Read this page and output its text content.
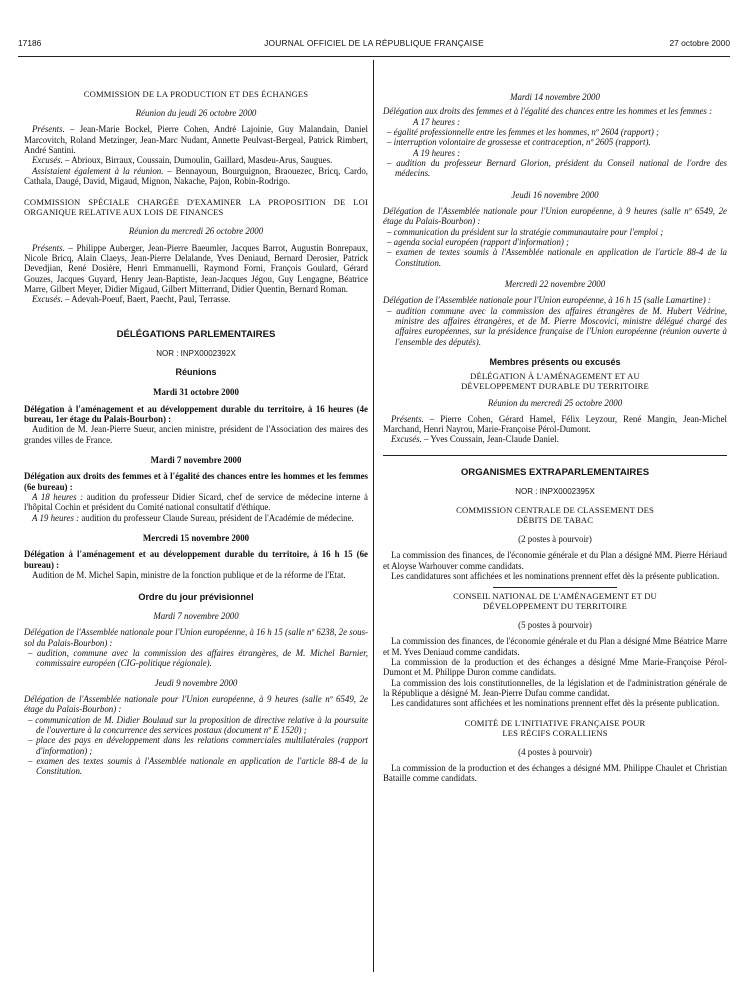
17186	JOURNAL OFFICIEL DE LA RÉPUBLIQUE FRANÇAISE	27 octobre 2000

COMMISSION DE LA PRODUCTION ET DES ÉCHANGES

Réunion du jeudi 26 octobre 2000

Présents. – Jean-Marie Bockel, Pierre Cohen, André Lajoinie, Guy Malandain, Daniel Marcovitch, Roland Metzinger, Jean-Marc Nudant, Annette Peulvast-Bergeal, Patrick Rimbert, André Santini.

Excusés. – Abrioux, Birraux, Coussain, Dumoulin, Gaillard, Masdeu-Arus, Saugues.

Assistaient également à la réunion. – Bennayoun, Bourguignon, Braouezec, Bricq, Cardo, Cathala, Daugé, David, Migaud, Mignon, Nakache, Pajon, Robin-Rodrigo.

COMMISSION SPÉCIALE CHARGÉE D'EXAMINER LA PROPOSITION DE LOI ORGANIQUE RELATIVE AUX LOIS DE FINANCES

Réunion du mercredi 26 octobre 2000

Présents. – Philippe Auberger, Jean-Pierre Baeumler, Jacques Barrot, Augustin Bonrepaux, Nicole Bricq, Alain Claeys, Jean-Pierre Delalande, Yves Deniaud, Bernard Derosier, Patrick Devedjian, René Dosière, Henri Emmanuelli, Raymond Forni, François Goulard, Gérard Gouzes, Jacques Guyard, Henry Jean-Baptiste, Jean-Jacques Jégou, Guy Lengagne, Béatrice Marre, Gilbert Meyer, Didier Migaud, Gilbert Mitterrand, Didier Quentin, Bernard Roman.

Excusés. – Adevah-Poeuf, Baert, Paecht, Paul, Terrasse.

DÉLÉGATIONS PARLEMENTAIRES

NOR : INPX0002392X

Réunions

Mardi 31 octobre 2000

Délégation à l'aménagement et au développement durable du territoire, à 16 heures (4e bureau, 1er étage du Palais-Bourbon) :

Audition de M. Jean-Pierre Sueur, ancien ministre, président de l'Association des maires des grandes villes de France.

Mardi 7 novembre 2000

Délégation aux droits des femmes et à l'égalité des chances entre les hommes et les femmes (6e bureau) :

A 18 heures : audition du professeur Didier Sicard, chef de service de médecine interne à l'hôpital Cochin et président du Comité national consultatif d'éthique.

A 19 heures : audition du professeur Claude Sureau, président de l'Académie de médecine.

Mercredi 15 novembre 2000

Délégation à l'aménagement et au développement durable du territoire, à 16 h 15 (6e bureau) :

Audition de M. Michel Sapin, ministre de la fonction publique et de la réforme de l'Etat.

Ordre du jour prévisionnel

Mardi 7 novembre 2000

Délégation de l'Assemblée nationale pour l'Union européenne, à 16 h 15 (salle nº 6238, 2e sous-sol du Palais-Bourbon) :

– audition, commune avec la commission des affaires étrangères, de M. Michel Barnier, commissaire européen (CIG-politique régionale).

Jeudi 9 novembre 2000

Délégation de l'Assemblée nationale pour l'Union européenne, à 9 heures (salle nº 6549, 2e étage du Palais-Bourbon) :

– communication de M. Didier Boulaud sur la proposition de directive relative à la poursuite de l'ouverture à la concurrence des services postaux (document nº E 1520) ;

– place des pays en développement dans les relations commerciales multilatérales (rapport d'information) ;

– examen des textes soumis à l'Assemblée nationale en application de l'article 88-4 de la Constitution.

Mardi 14 novembre 2000

Délégation aux droits des femmes et à l'égalité des chances entre les hommes et les femmes :

A 17 heures :

– égalité professionnelle entre les femmes et les hommes, nº 2604 (rapport) ;

– interruption volontaire de grossesse et contraception, nº 2605 (rapport).

A 19 heures :

– audition du professeur Bernard Glorion, président du Conseil national de l'ordre des médecins.

Jeudi 16 novembre 2000

Délégation de l'Assemblée nationale pour l'Union européenne, à 9 heures (salle nº 6549, 2e étage du Palais-Bourbon) :

– communication du président sur la stratégie communautaire pour l'emploi ;

– agenda social européen (rapport d'information) ;

– examen de textes soumis à l'Assemblée nationale en application de l'article 88-4 de la Constitution.

Mercredi 22 novembre 2000

Délégation de l'Assemblée nationale pour l'Union européenne, à 16 h 15 (salle Lamartine) :

– audition commune avec la commission des affaires étrangères de M. Hubert Védrine, ministre des affaires étrangères, et de M. Pierre Moscovici, ministre délégué chargé des affaires européennes, sur la présidence française de l'Union européenne (réunion ouverte à l'ensemble des députés).

Membres présents ou excusés

DÉLÉGATION À L'AMÉNAGEMENT ET AU DÉVELOPPEMENT DURABLE DU TERRITOIRE

Réunion du mercredi 25 octobre 2000

Présents. – Pierre Cohen, Gérard Hamel, Félix Leyzour, René Mangin, Jean-Michel Marchand, Henri Nayrou, Marie-Françoise Pérol-Dumont.

Excusés. – Yves Coussain, Jean-Claude Daniel.

ORGANISMES EXTRAPARLEMENTAIRES

NOR : INPX0002395X

COMMISSION CENTRALE DE CLASSEMENT DES DÉBITS DE TABAC

(2 postes à pourvoir)

La commission des finances, de l'économie générale et du Plan a désigné MM. Pierre Hériaud et Aloyse Warhouver comme candidats.

Les candidatures sont affichées et les nominations prennent effet dès la présente publication.

CONSEIL NATIONAL DE L'AMÉNAGEMENT ET DU DÉVELOPPEMENT DU TERRITOIRE

(5 postes à pourvoir)

La commission des finances, de l'économie générale et du Plan a désigné Mme Béatrice Marre et M. Yves Deniaud comme candidats.

La commission de la production et des échanges a désigné Mme Marie-Françoise Pérol-Dumont et M. Philippe Duron comme candidats.

La commission des lois constitutionnelles, de la législation et de l'administration générale de la République a désigné M. Jean-Pierre Dufau comme candidat.

Les candidatures sont affichées et les nominations prennent effet dès la présente publication.

COMITÉ DE L'INITIATIVE FRANÇAISE POUR LES RÉCIFS CORALLIENS

(4 postes à pourvoir)

La commission de la production et des échanges a désigné MM. Philippe Chaulet et Christian Bataille comme candidats.
